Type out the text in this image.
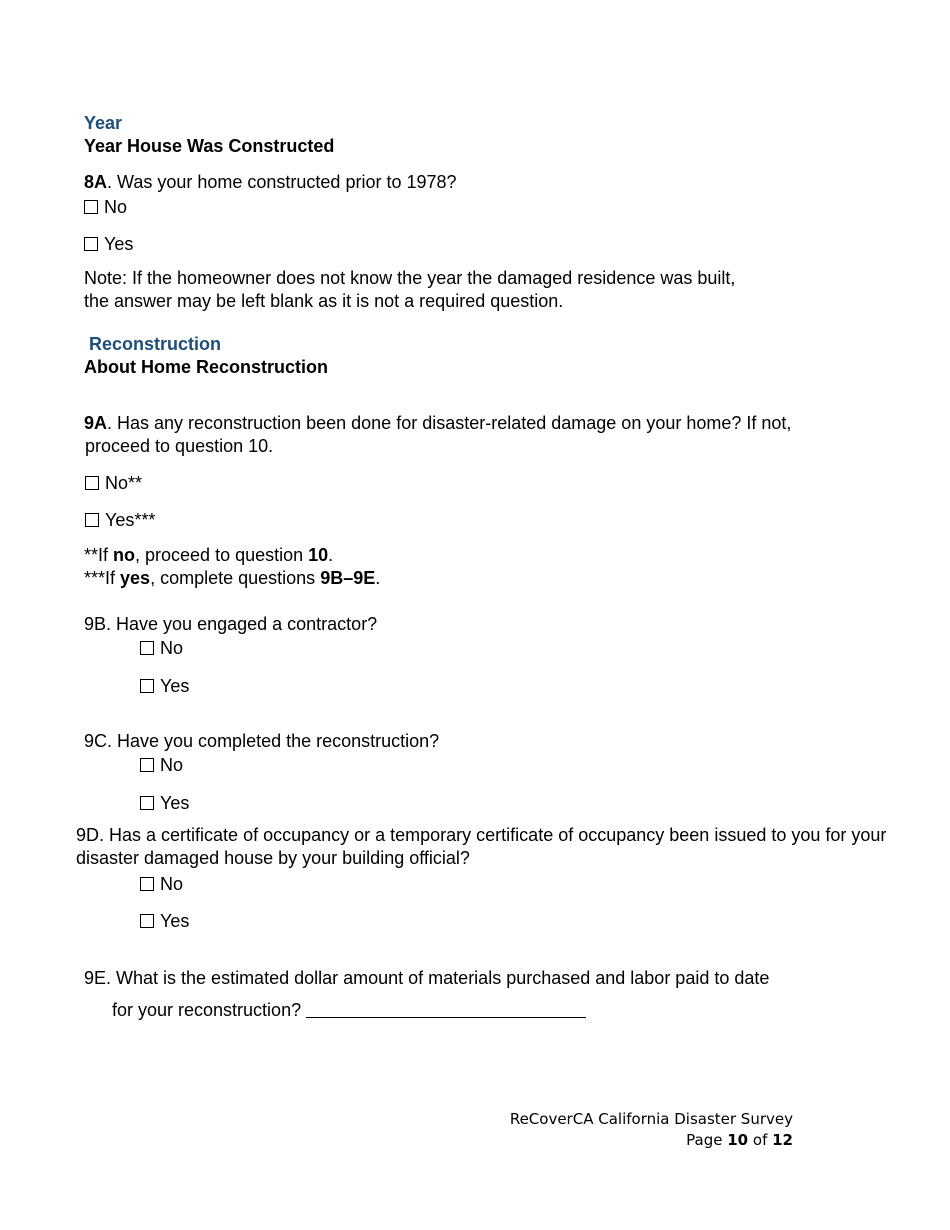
Year
Year House Was Constructed
8A. Was your home constructed prior to 1978?
No
Yes
Note: If the homeowner does not know the year the damaged residence was built,
the answer may be left blank as it is not a required question.
Reconstruction
About Home Reconstruction
9A. Has any reconstruction been done for disaster-related damage on your home? If not,
proceed to question 10.
No**
Yes***
**If no, proceed to question 10.
***If yes, complete questions 9B–9E.
9B. Have you engaged a contractor?
No
Yes
9C. Have you completed the reconstruction?
No
Yes
9D. Has a certificate of occupancy or a temporary certificate of occupancy been issued to you for your
disaster damaged house by your building official?
No
Yes
9E. What is the estimated dollar amount of materials purchased and labor paid to date
for your reconstruction?
ReCoverCA California Disaster Survey
Page 10 of 12
